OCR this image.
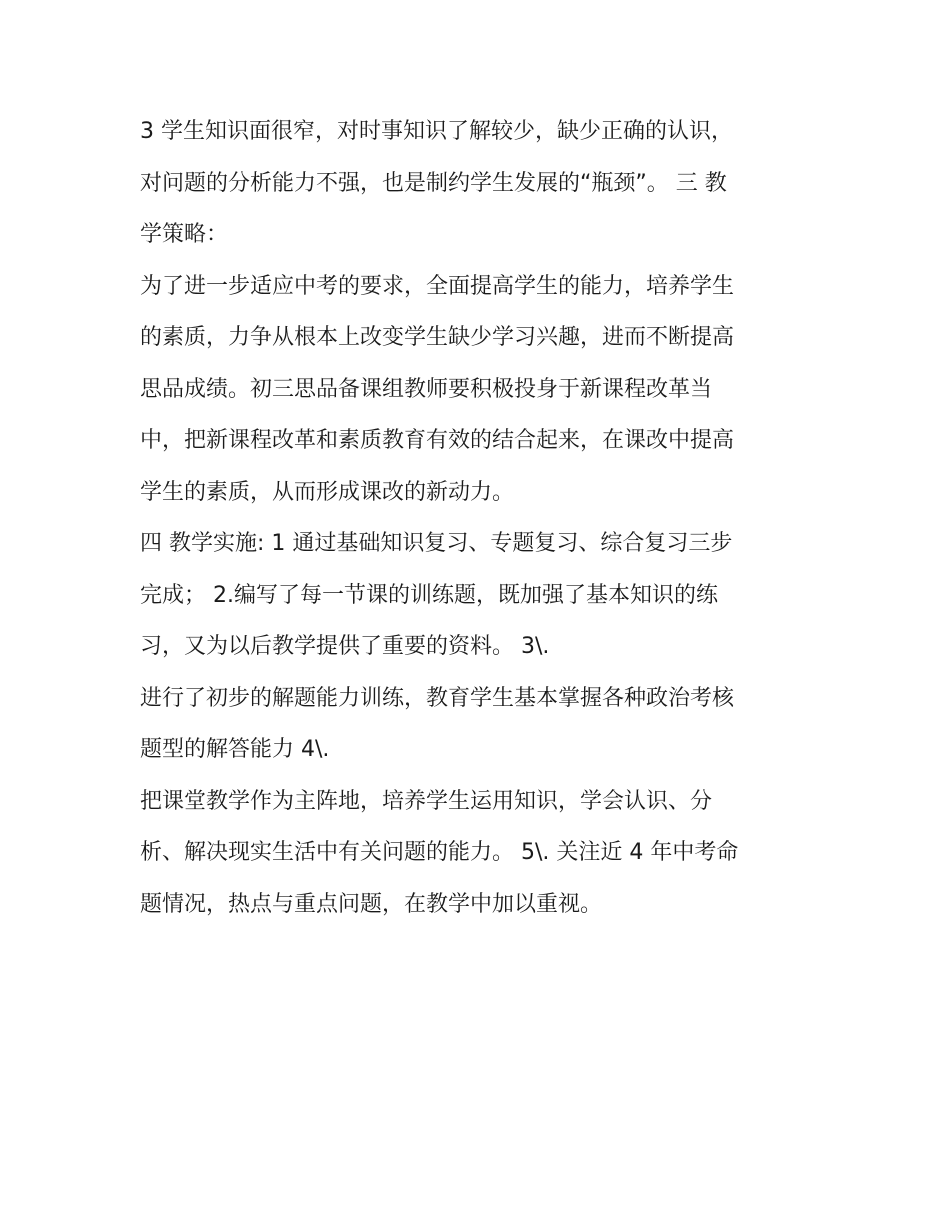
3 学生知识面很窄，对时事知识了解较少，缺少正确的认识，
对问题的分析能力不强，也是制约学生发展的“瓶颈”。 三 教
学策略：
为了进一步适应中考的要求，全面提高学生的能力，培养学生
的素质，力争从根本上改变学生缺少学习兴趣，进而不断提高
思品成绩。初三思品备课组教师要积极投身于新课程改革当
中，把新课程改革和素质教育有效的结合起来，在课改中提高
学生的素质，从而形成课改的新动力。
四 教学实施: 1 通过基础知识复习、专题复习、综合复习三步
完成； 2.编写了每一节课的训练题，既加强了基本知识的练
习，又为以后教学提供了重要的资料。 3\.
进行了初步的解题能力训练，教育学生基本掌握各种政治考核
题型的解答能力 4\.
把课堂教学作为主阵地，培养学生运用知识，学会认识、分
析、解决现实生活中有关问题的能力。 5\. 关注近 4 年中考命
题情况，热点与重点问题，在教学中加以重视。
